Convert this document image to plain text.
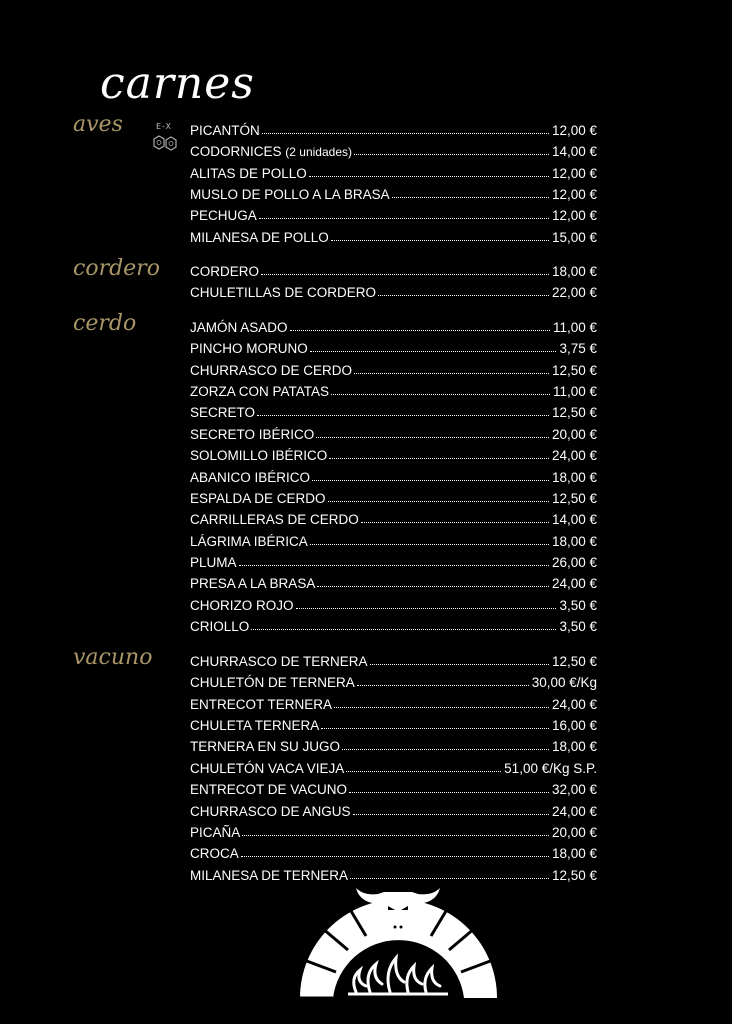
carnes
aves
cordero
cerdo
vacuno
E-X PICANTÓN	12,00 €
CODORNICES (2 unidades)	14,00 €
ALITAS DE POLLO	12,00 €
MUSLO DE POLLO A LA BRASA	12,00 €
PECHUGA	12,00 €
MILANESA DE POLLO	15,00 €
CORDERO	18,00 €
CHULETILLAS DE CORDERO	22,00 €
JAMÓN ASADO	11,00 €
PINCHO MORUNO	3,75 €
CHURRASCO DE CERDO	12,50 €
ZORZA CON PATATAS	11,00 €
SECRETO	12,50 €
SECRETO IBÉRICO	20,00 €
SOLOMILLO IBÉRICO	24,00 €
ABANICO IBÉRICO	18,00 €
ESPALDA DE CERDO	12,50 €
CARRILLERAS DE CERDO	14,00 €
LÁGRIMA IBÉRICA	18,00 €
PLUMA	26,00 €
PRESA A LA BRASA	24,00 €
CHORIZO ROJO	3,50 €
CRIOLLO	3,50 €
CHURRASCO DE TERNERA	12,50 €
CHULETÓN DE TERNERA	30,00 €/Kg
ENTRECOT TERNERA	24,00 €
CHULETA TERNERA	16,00 €
TERNERA EN SU JUGO	18,00 €
CHULETÓN VACA VIEJA	51,00 €/Kg S.P.
ENTRECOT DE VACUNO	32,00 €
CHURRASCO DE ANGUS	24,00 €
PICAÑA	20,00 €
CROCA	18,00 €
MILANESA DE TERNERA	12,50 €
